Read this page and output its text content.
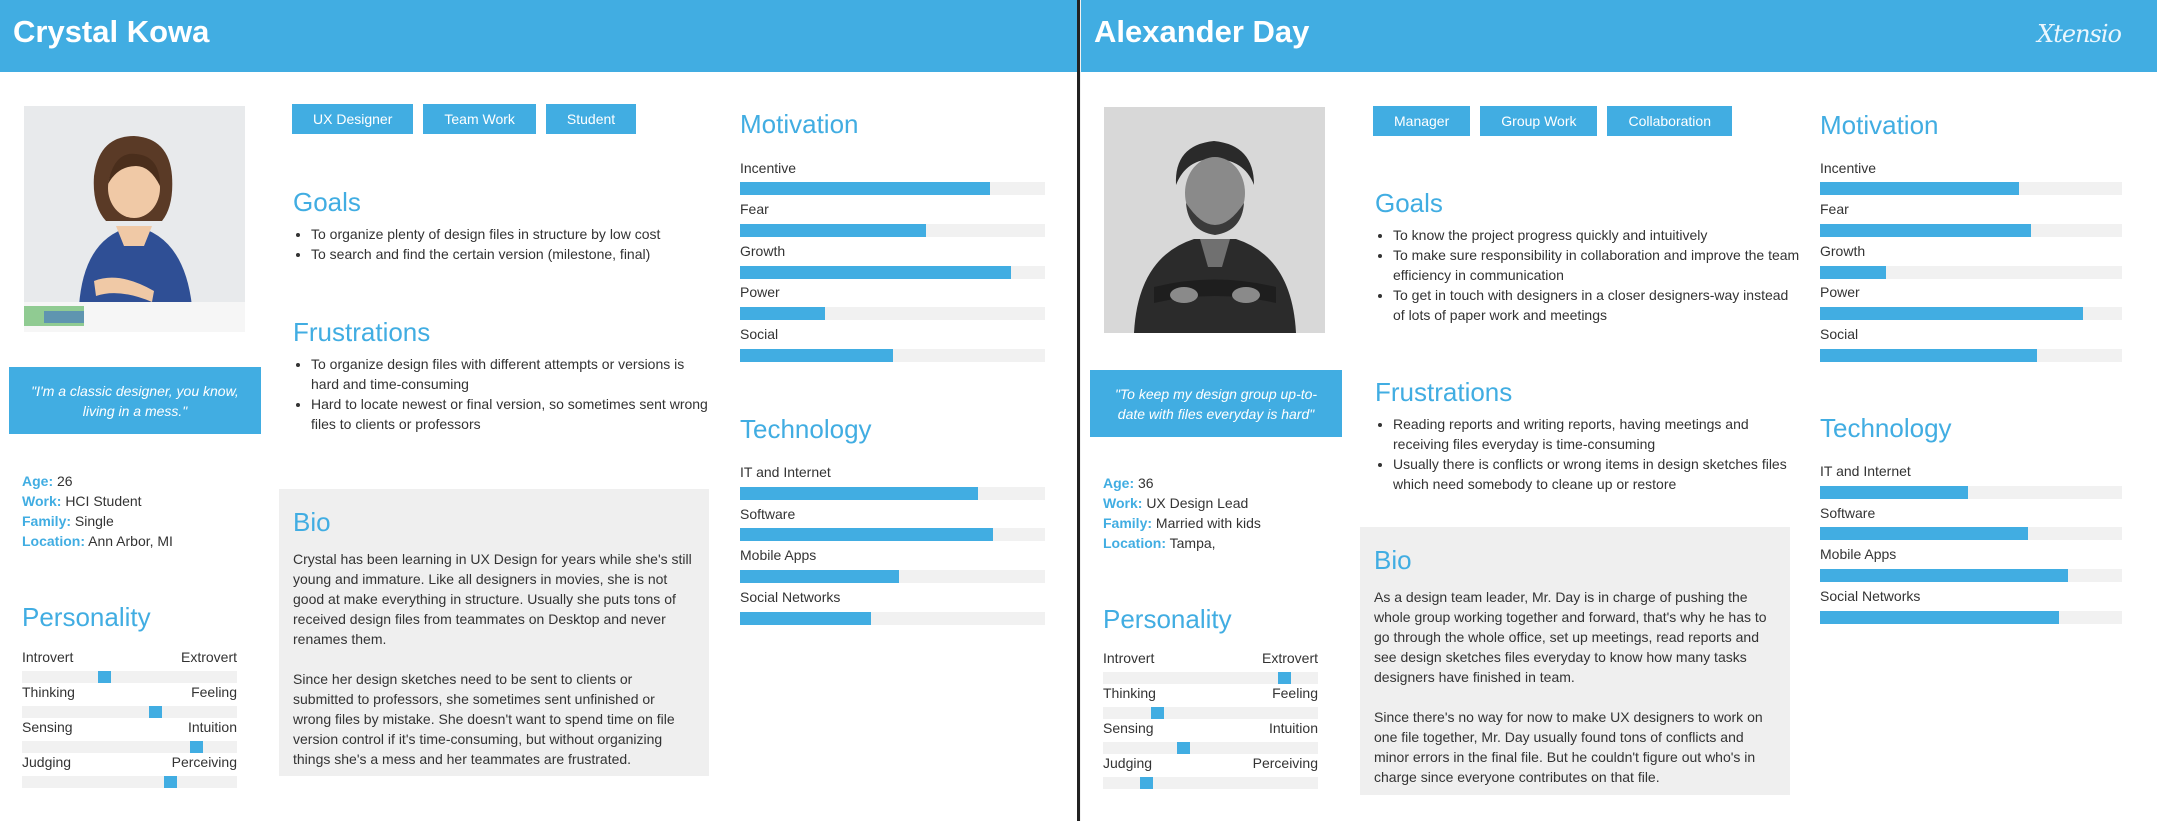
Crystal Kowa
"I'm a classic designer, you know, living in a mess."
Age: 26
Work: HCI Student
Family: Single
Location: Ann Arbor, MI
Personality
Introvert	Extrovert
Thinking	Feeling
Sensing	Intuition
Judging	Perceiving
UX Designer	Team Work	Student
Goals
• To organize plenty of design files in structure by low cost
• To search and find the certain version (milestone, final)
Frustrations
• To organize design files with different attempts or versions is hard and time-consuming
• Hard to locate newest or final version, so sometimes sent wrong files to clients or professors
Bio
Crystal has been learning in UX Design for years while she's still young and immature. Like all designers in movies, she is not good at make everything in structure. Usually she puts tons of received design files from teammates on Desktop and never renames them.

Since her design sketches need to be sent to clients or submitted to professors, she sometimes sent unfinished or wrong files by mistake. She doesn't want to spend time on file version control if it's time-consuming, but without organizing things she's a mess and her teammates are frustrated.
Motivation
Incentive
Fear
Growth
Power
Social
Technology
IT and Internet
Software
Mobile Apps
Social Networks
Alexander Day	Xtensio
"To keep my design group up-to-date with files everyday is hard"
Age: 36
Work: UX Design Lead
Family: Married with kids
Location: Tampa,
Personality
Introvert	Extrovert
Thinking	Feeling
Sensing	Intuition
Judging	Perceiving
Manager	Group Work	Collaboration
Goals
• To know the project progress quickly and intuitively
• To make sure responsibility in collaboration and improve the team efficiency in communication
• To get in touch with designers in a closer designers-way instead of lots of paper work and meetings
Frustrations
• Reading reports and writing reports, having meetings and receiving files everyday is time-consuming
• Usually there is conflicts or wrong items in design sketches files which need somebody to cleane up or restore
Bio
As a design team leader, Mr. Day is in charge of pushing the whole group working together and forward, that's why he has to go through the whole office, set up meetings, read reports and see design sketches files everyday to know how many tasks designers have finished in team.

Since there's no way for now to make UX designers to work on one file together, Mr. Day usually found tons of conflicts and minor errors in the final file. But he couldn't figure out who's in charge since everyone contributes on that file.
Motivation
Incentive
Fear
Growth
Power
Social
Technology
IT and Internet
Software
Mobile Apps
Social Networks
